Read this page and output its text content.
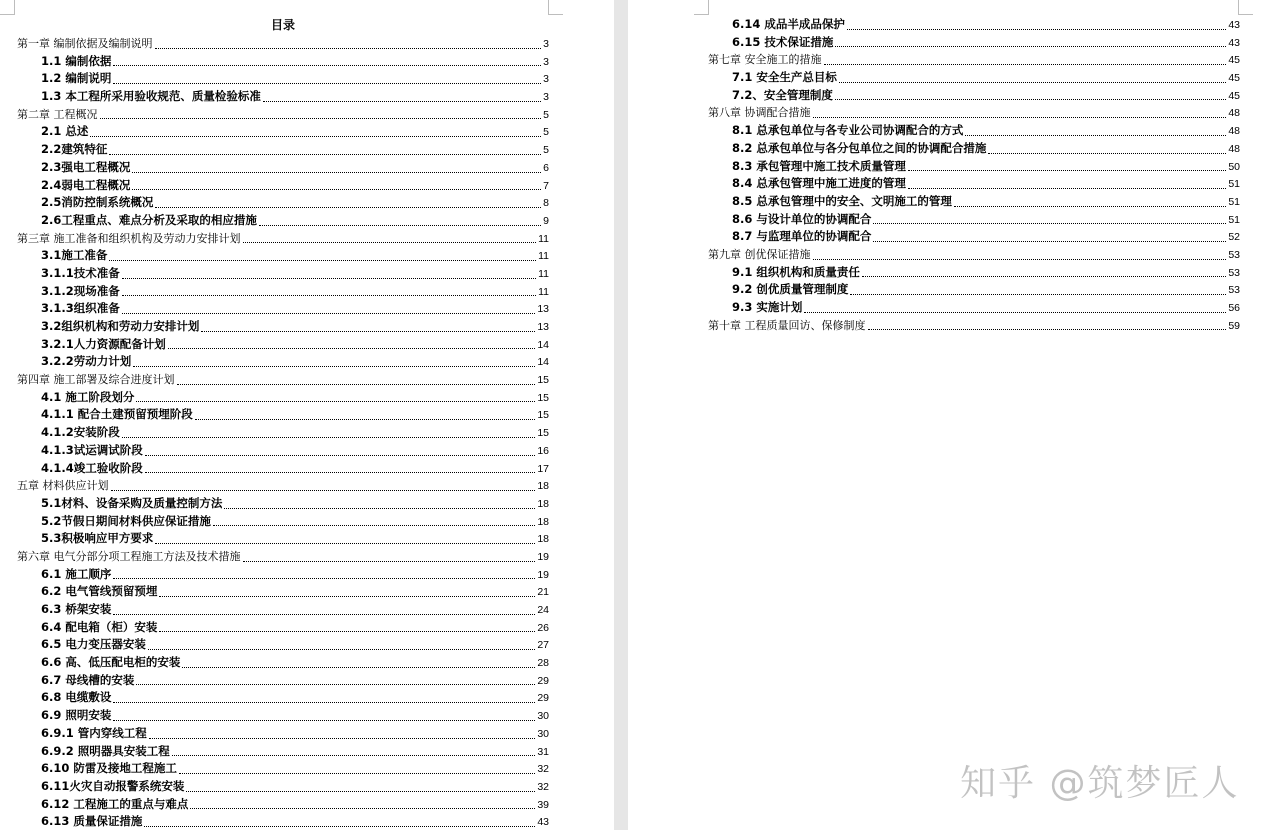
目录
第一章 编制依据及编制说明	3
1.1 编制依据	3
1.2 编制说明	3
1.3 本工程所采用验收规范、质量检验标准	3
第二章 工程概况	5
2.1 总述	5
2.2建筑特征	5
2.3强电工程概况	6
2.4弱电工程概况	7
2.5消防控制系统概况	8
2.6工程重点、难点分析及采取的相应措施	9
第三章 施工准备和组织机构及劳动力安排计划	11
3.1施工准备	11
3.1.1技术准备	11
3.1.2现场准备	11
3.1.3组织准备	13
3.2组织机构和劳动力安排计划	13
3.2.1人力资源配备计划	14
3.2.2劳动力计划	14
第四章 施工部署及综合进度计划	15
4.1 施工阶段划分	15
4.1.1 配合土建预留预埋阶段	15
4.1.2安装阶段	15
4.1.3试运调试阶段	16
4.1.4竣工验收阶段	17
五章 材料供应计划	18
5.1材料、设备采购及质量控制方法	18
5.2节假日期间材料供应保证措施	18
5.3积极响应甲方要求	18
第六章 电气分部分项工程施工方法及技术措施	19
6.1 施工顺序	19
6.2 电气管线预留预埋	21
6.3 桥架安装	24
6.4 配电箱（柜）安装	26
6.5 电力变压器安装	27
6.6 高、低压配电柜的安装	28
6.7 母线槽的安装	29
6.8 电缆敷设	29
6.9 照明安装	30
6.9.1 管内穿线工程	30
6.9.2 照明器具安装工程	31
6.10 防雷及接地工程施工	32
6.11火灾自动报警系统安装	32
6.12 工程施工的重点与难点	39
6.13 质量保证措施	43
6.14 成品半成品保护	43
6.15 技术保证措施	43
第七章 安全施工的措施	45
7.1 安全生产总目标	45
7.2、安全管理制度	45
第八章 协调配合措施	48
8.1 总承包单位与各专业公司协调配合的方式	48
8.2 总承包单位与各分包单位之间的协调配合措施	48
8.3 承包管理中施工技术质量管理	50
8.4 总承包管理中施工进度的管理	51
8.5 总承包管理中的安全、文明施工的管理	51
8.6 与设计单位的协调配合	51
8.7 与监理单位的协调配合	52
第九章 创优保证措施	53
9.1 组织机构和质量责任	53
9.2 创优质量管理制度	53
9.3 实施计划	56
第十章 工程质量回访、保修制度	59
知乎 @筑梦匠人
